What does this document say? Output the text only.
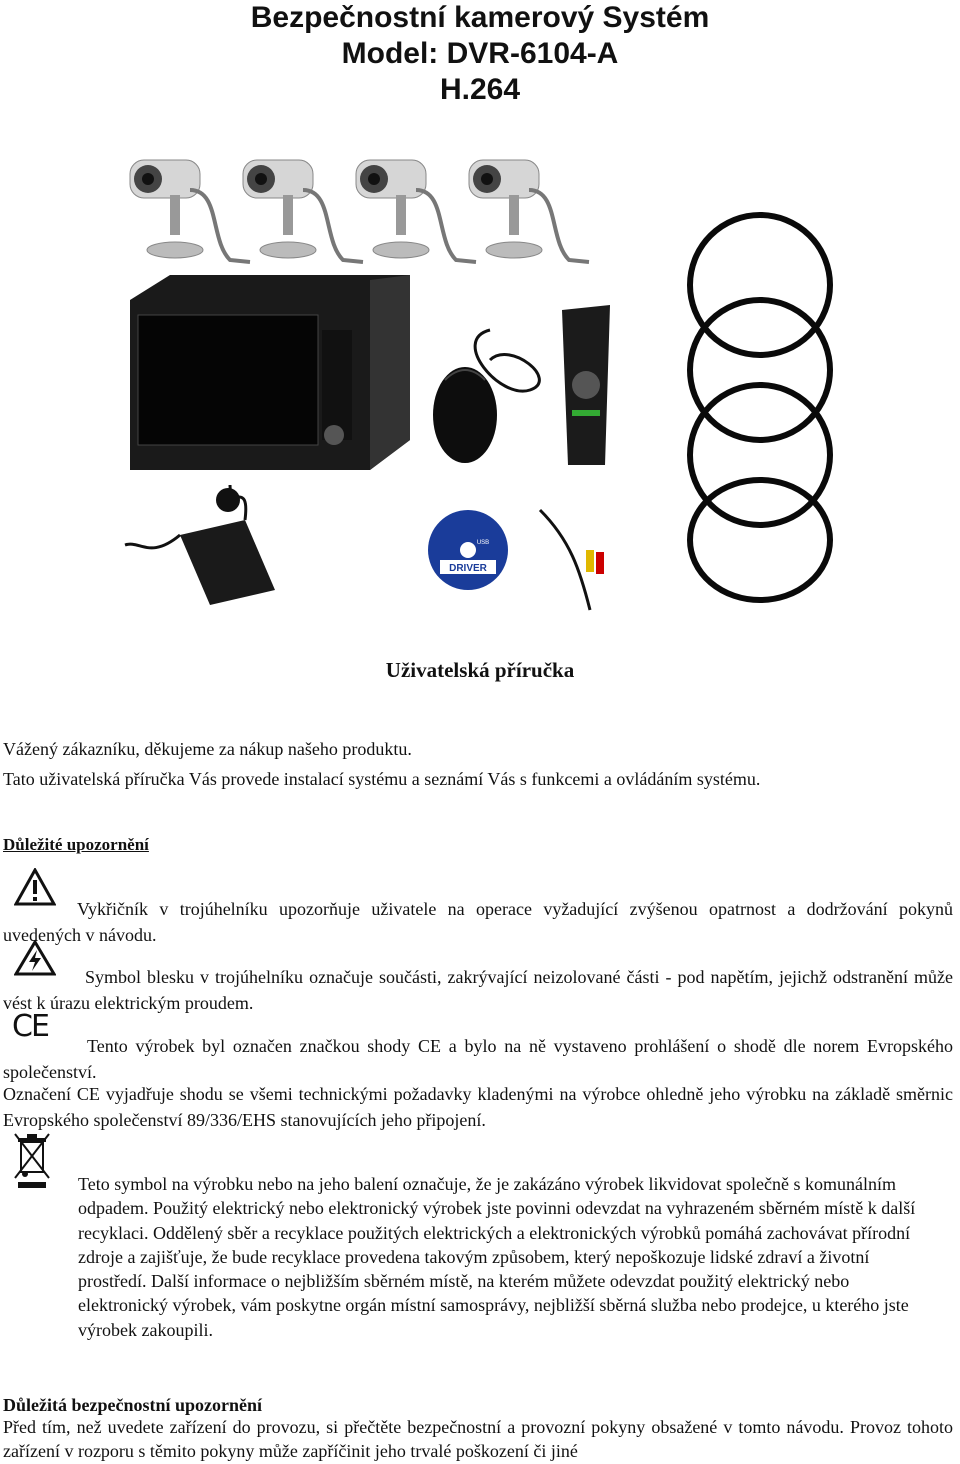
Bezpečnostní kamerový Systém
Model: DVR-6104-A
H.264
DRIVER
USB
Uživatelská příručka

Vážený zákazníku, děkujeme za nákup našeho produktu.

Tato uživatelská příručka Vás provede instalací systému a seznámí Vás s funkcemi a ovládáním systému.

Důležité upozornění

Vykřičník v trojúhelníku upozorňuje uživatele na operace vyžadující zvýšenou opatrnost a dodržování pokynů uvedených v návodu.

Symbol blesku v trojúhelníku označuje součásti, zakrývající neizolované části - pod napětím, jejichž odstranění může vést k úrazu elektrickým proudem.

CE

Tento výrobek byl označen značkou shody CE a bylo na ně vystaveno prohlášení o shodě dle norem Evropského společenství.

Označení CE vyjadřuje shodu se všemi technickými požadavky kladenými na výrobce ohledně jeho výrobku na základě směrnic Evropského společenství 89/336/EHS stanovujících jeho připojení.

Teto symbol na výrobku nebo na jeho balení označuje, že je zakázáno výrobek likvidovat společně s komunálním odpadem. Použitý elektrický nebo elektronický výrobek jste povinni odevzdat na vyhrazeném sběrném místě k další recyklaci. Oddělený sběr a recyklace použitých elektrických a elektronických výrobků pomáhá zachovávat přírodní zdroje a zajišťuje, že bude recyklace provedena takovým způsobem, který nepoškozuje lidské zdraví a životní prostředí. Další informace o nejbližším sběrném místě, na kterém můžete odevzdat použitý elektrický nebo elektronický výrobek, vám poskytne orgán místní samosprávy, nejbližší sběrná služba nebo prodejce, u kterého jste výrobek zakoupili.

Důležitá bezpečnostní upozornění

Před tím, než uvedete zařízení do provozu, si přečtěte bezpečnostní a provozní pokyny obsažené v tomto návodu. Provoz tohoto zařízení v rozporu s těmito pokyny může zapříčinit jeho trvalé poškození či jiné
